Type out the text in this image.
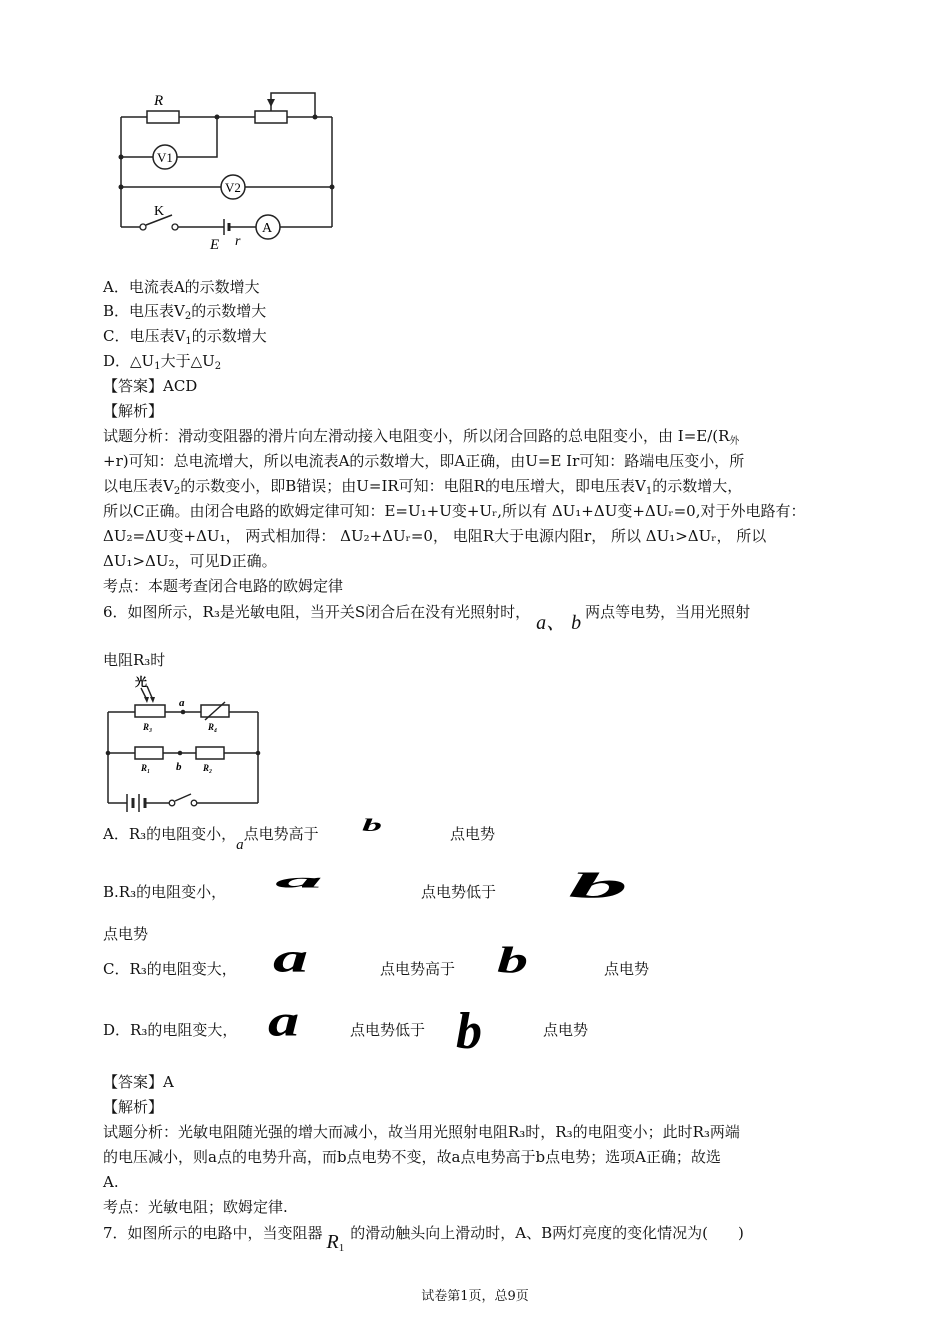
R
V1
V2
K
E r
A
A．电流表A的示数增大
B．电压表$V_2$的示数增大
C．电压表$V_1$的示数增大
D．$\triangle U_1$大于$\triangle U_2$
【答案】ACD
【解析】
试题分析：滑动变阻器的滑片向左滑动接入电阻变小，所以闭合回路的总电阻变小，由 $I=E/(R_外$
+r)可知：总电流增大，所以电流表A的示数增大，即A正确，由U=E Ir可知：路端电压变小，所
以电压表$V_2$的示数变小，即B错误；由U=IR可知：电阻R的电压增大，即电压表$V_1$的示数增大，
所以C正确。由闭合电路的欧姆定律可知：E=U₁+U变+Uᵣ,所以有 ΔU₁+ΔU变+ΔUᵣ=0,对于外电路有：
ΔU₂=ΔU变+ΔU₁， 两式相加得： ΔU₂+ΔUᵣ=0， 电阻R大于电源内阻r， 所以 ΔU₁>ΔUᵣ， 所以
ΔU₁>ΔU₂，可见D正确。
考点：本题考查闭合电路的欧姆定律
6．如图所示，R₃是光敏电阻，当开关S闭合后在没有光照射时， a、 b 两点等电势，当用光照射
电阻R₃时
光
a
R₃	R₄
R₁ b R₂
A．R₃的电阻变小，a点电势高于 b	点电势
B.R₃的电阻变小， a	点电势低于 b
点电势
C．R₃的电阻变大， a	点电势高于 b	点电势
D．R₃的电阻变大， a	点电势低于 b	点电势
【答案】A
【解析】
试题分析：光敏电阻随光强的增大而减小，故当用光照射电阻R₃时，R₃的电阻变小；此时R₃两端
的电压减小，则a点的电势升高，而b点电势不变，故a点电势高于b点电势；选项A正确；故选
A.
考点：光敏电阻；欧姆定律.
7．如图所示的电路中，当变阻器 $R_1$的滑动触头向上滑动时，A、B两灯亮度的变化情况为(　　)
试卷第1页，总9页
